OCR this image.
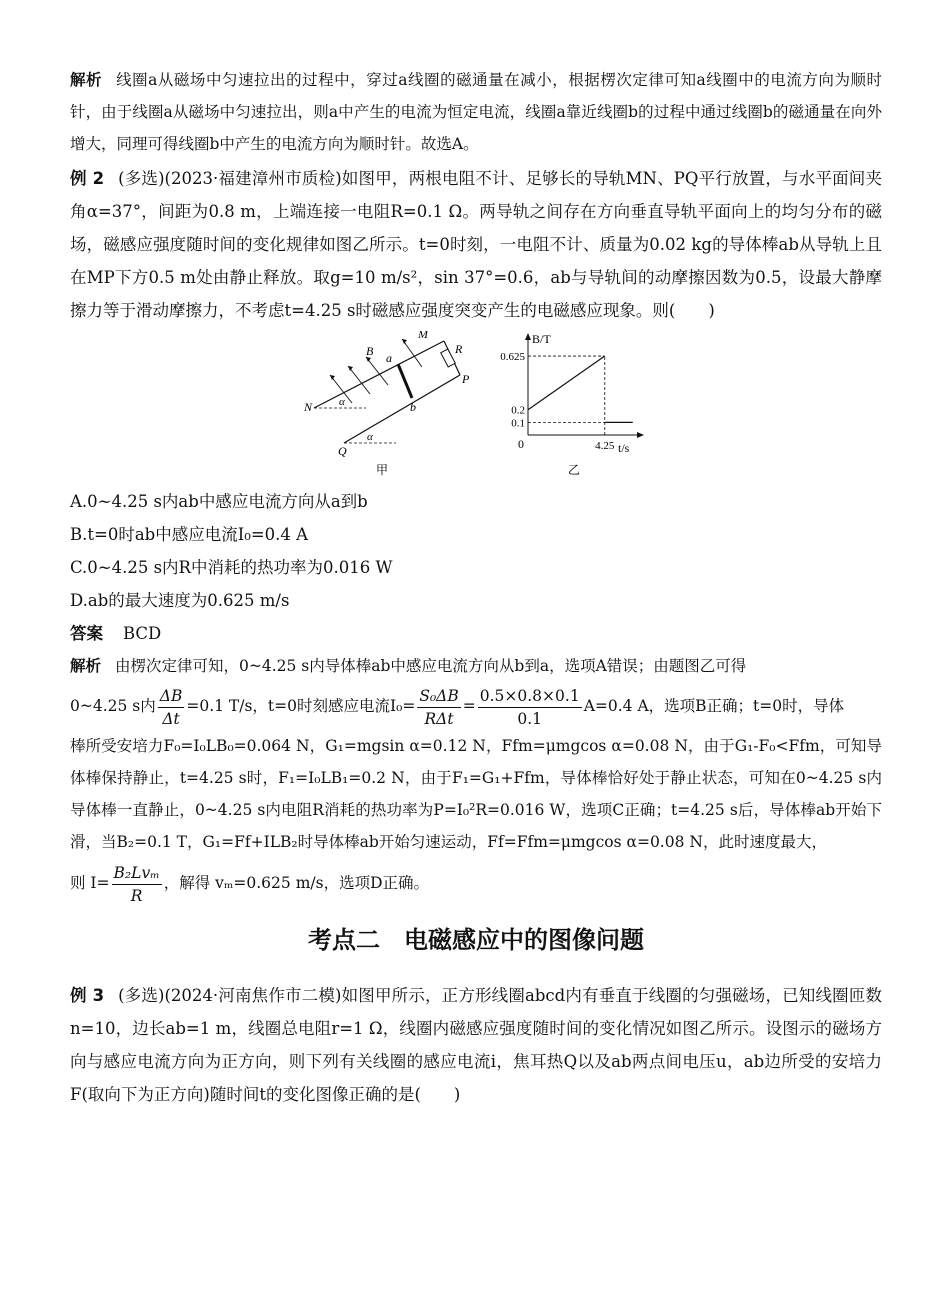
解析 线圈a从磁场中匀速拉出的过程中，穿过a线圈的磁通量在减小，根据楞次定律可知a线圈中的电流方向为顺时针，由于线圈a从磁场中匀速拉出，则a中产生的电流为恒定电流，线圈a靠近线圈b的过程中通过线圈b的磁通量在向外增大，同理可得线圈b中产生的电流方向为顺时针。故选A。

例 2 (多选)(2023·福建漳州市质检)如图甲，两根电阻不计、足够长的导轨MN、PQ平行放置，与水平面间夹角α=37°，间距为0.8 m，上端连接一电阻R=0.1 Ω。两导轨之间存在方向垂直导轨平面向上的均匀分布的磁场，磁感应强度随时间的变化规律如图乙所示。t=0时刻，一电阻不计、质量为0.02 kg的导体棒ab从导轨上且在MP下方0.5 m处由静止释放。取g=10 m/s²，sin 37°=0.6，ab与导轨间的动摩擦因数为0.5，设最大静摩擦力等于滑动摩擦力，不考虑t=4.25 s时磁感应强度突变产生的电磁感应现象。则(　　)

M
R
P
B a
N	b
Q
α
α
甲
B/T
t/s
0
0.625
0.2
0.1
4.25
乙

A.0~4.25 s内ab中感应电流方向从a到b

B.t=0时ab中感应电流I₀=0.4 A

C.0~4.25 s内R中消耗的热功率为0.016 W

D.ab的最大速度为0.625 m/s

答案 BCD

解析 由楞次定律可知，0~4.25 s内导体棒ab中感应电流方向从b到a，选项A错误；由题图乙可得

0~4.25 s内 $\frac{\Delta B}{\Delta t} =0.1$ T/s，t=0时刻感应电流$I_0= \frac{\text{S₀ΔB}}{\text{RΔt}} = \frac{0.5\times 0.8\times 0.1}{0.1} A=0.4$ A，选项B正确；t=0时，导体

棒所受安培力F₀=I₀LB₀=0.064 N，G₁=mgsin α=0.12 N，Ffm=μmgcos α=0.08 N，由于G₁-F₀<Ffm，可知导体棒保持静止，t=4.25 s时，F₁=I₀LB₁=0.2 N，由于F₁=G₁+Ffm，导体棒恰好处于静止状态，可知在0~4.25 s内导体棒一直静止，0~4.25 s内电阻R消耗的热功率为P=I₀²R=0.016 W，选项C正确；t=4.25 s后，导体棒ab开始下滑，当B₂=0.1 T，G₁=Ff+ILB₂时导体棒ab开始匀速运动，Ff=Ffm=μmgcos α=0.08 N，此时速度最大，

则 $I= \frac{\text{B₂Lvₘ}}{R}$ ，解得 vₘ=0.625 m/s，选项D正确。

考点二　电磁感应中的图像问题

例 3 (多选)(2024·河南焦作市二模)如图甲所示，正方形线圈abcd内有垂直于线圈的匀强磁场，已知线圈匝数n=10，边长ab=1 m，线圈总电阻r=1 Ω，线圈内磁感应强度随时间的变化情况如图乙所示。设图示的磁场方向与感应电流方向为正方向，则下列有关线圈的感应电流i，焦耳热Q以及ab两点间电压u，ab边所受的安培力F(取向下为正方向)随时间t的变化图像正确的是(　　)
